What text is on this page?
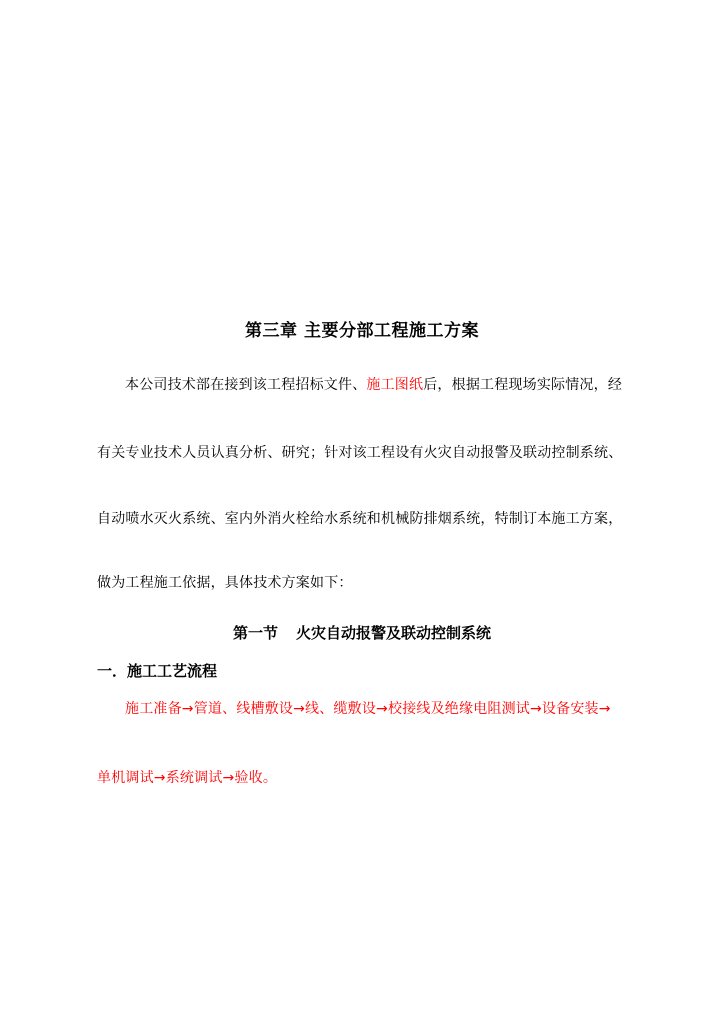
第三章 主要分部工程施工方案
本公司技术部在接到该工程招标文件、施工图纸后，根据工程现场实际情况，经
有关专业技术人员认真分析、研究；针对该工程设有火灾自动报警及联动控制系统、
自动喷水灭火系统、室内外消火栓给水系统和机械防排烟系统，特制订本施工方案，
做为工程施工依据，具体技术方案如下：
第一节 火灾自动报警及联动控制系统
一．施工工艺流程
施工准备→管道、线槽敷设→线、缆敷设→校接线及绝缘电阻测试→设备安装→
单机调试→系统调试→验收。
